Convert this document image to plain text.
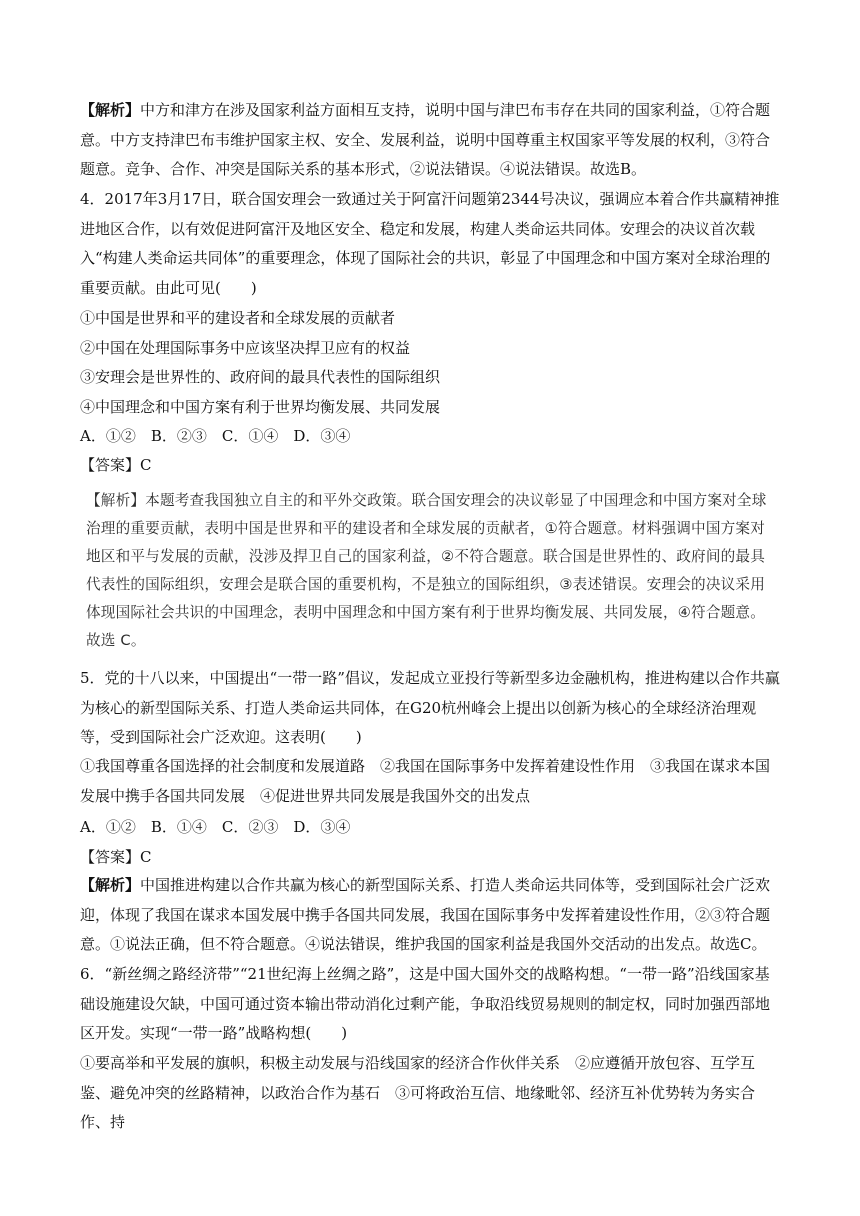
【解析】中方和津方在涉及国家利益方面相互支持，说明中国与津巴布韦存在共同的国家利益，①符合题意。中方支持津巴布韦维护国家主权、安全、发展利益，说明中国尊重主权国家平等发展的权利，③符合题意。竞争、合作、冲突是国际关系的基本形式，②说法错误。④说法错误。故选B。
4．2017年3月17日，联合国安理会一致通过关于阿富汗问题第2344号决议，强调应本着合作共赢精神推进地区合作，以有效促进阿富汗及地区安全、稳定和发展，构建人类命运共同体。安理会的决议首次载入“构建人类命运共同体”的重要理念，体现了国际社会的共识，彰显了中国理念和中国方案对全球治理的重要贡献。由此可见(　　)
①中国是世界和平的建设者和全球发展的贡献者
②中国在处理国际事务中应该坚决捍卫应有的权益
③安理会是世界性的、政府间的最具代表性的国际组织
④中国理念和中国方案有利于世界均衡发展、共同发展
A．①②　B．②③　C．①④　D．③④
【答案】C

【解析】本题考查我国独立自主的和平外交政策。联合国安理会的决议彰显了中国理念和中国方案对全球

治理的重要贡献，表明中国是世界和平的建设者和全球发展的贡献者，①符合题意。材料强调中国方案对

地区和平与发展的贡献，没涉及捍卫自己的国家利益，②不符合题意。联合国是世界性的、政府间的最具

代表性的国际组织，安理会是联合国的重要机构，不是独立的国际组织，③表述错误。安理会的决议采用

体现国际社会共识的中国理念，表明中国理念和中国方案有利于世界均衡发展、共同发展，④符合题意。

故选 C。

5．党的十八以来，中国提出“一带一路”倡议，发起成立亚投行等新型多边金融机构，推进构建以合作共赢为核心的新型国际关系、打造人类命运共同体，在G20杭州峰会上提出以创新为核心的全球经济治理观等，受到国际社会广泛欢迎。这表明(　　)
①我国尊重各国选择的社会制度和发展道路　②我国在国际事务中发挥着建设性作用　③我国在谋求本国发展中携手各国共同发展　④促进世界共同发展是我国外交的出发点
A．①②　B．①④　C．②③　D．③④
【答案】C
【解析】中国推进构建以合作共赢为核心的新型国际关系、打造人类命运共同体等，受到国际社会广泛欢迎，体现了我国在谋求本国发展中携手各国共同发展，我国在国际事务中发挥着建设性作用，②③符合题意。①说法正确，但不符合题意。④说法错误，维护我国的国家利益是我国外交活动的出发点。故选C。
6．“新丝绸之路经济带”“21世纪海上丝绸之路”，这是中国大国外交的战略构想。“一带一路”沿线国家基础设施建设欠缺，中国可通过资本输出带动消化过剩产能，争取沿线贸易规则的制定权，同时加强西部地区开发。实现“一带一路”战略构想(　　)
①要高举和平发展的旗帜，积极主动发展与沿线国家的经济合作伙伴关系　②应遵循开放包容、互学互鉴、避免冲突的丝路精神，以政治合作为基石　③可将政治互信、地缘毗邻、经济互补优势转为务实合作、持
